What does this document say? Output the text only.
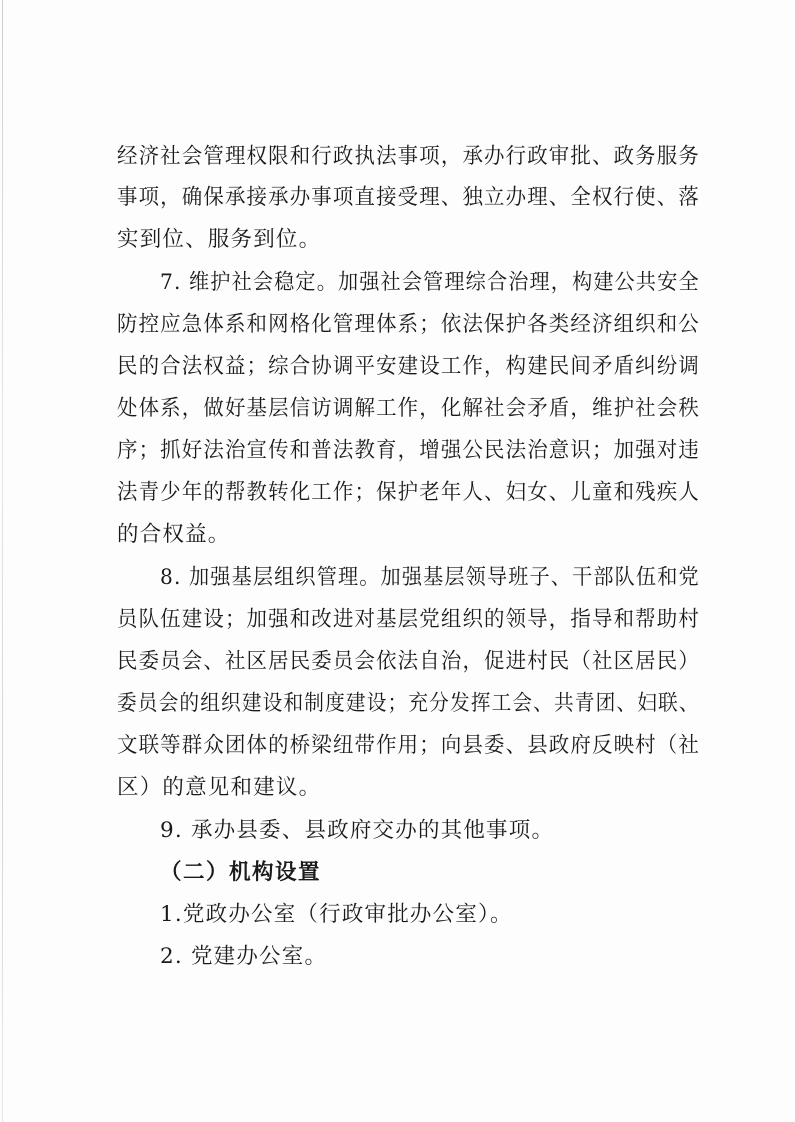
经济社会管理权限和行政执法事项，承办行政审批、政务服务
事项，确保承接承办事项直接受理、独立办理、全权行使、落
实到位、服务到位。
7. 维护社会稳定。加强社会管理综合治理，构建公共安全
防控应急体系和网格化管理体系；依法保护各类经济组织和公
民的合法权益；综合协调平安建设工作，构建民间矛盾纠纷调
处体系，做好基层信访调解工作，化解社会矛盾，维护社会秩
序；抓好法治宣传和普法教育，增强公民法治意识；加强对违
法青少年的帮教转化工作；保护老年人、妇女、儿童和残疾人
的合权益。
8. 加强基层组织管理。加强基层领导班子、干部队伍和党
员队伍建设；加强和改进对基层党组织的领导，指导和帮助村
民委员会、社区居民委员会依法自治，促进村民（社区居民）
委员会的组织建设和制度建设；充分发挥工会、共青团、妇联、
文联等群众团体的桥梁纽带作用；向县委、县政府反映村（社
区）的意见和建议。
9. 承办县委、县政府交办的其他事项。
（二）机构设置
1.党政办公室（行政审批办公室）。
2. 党建办公室。
